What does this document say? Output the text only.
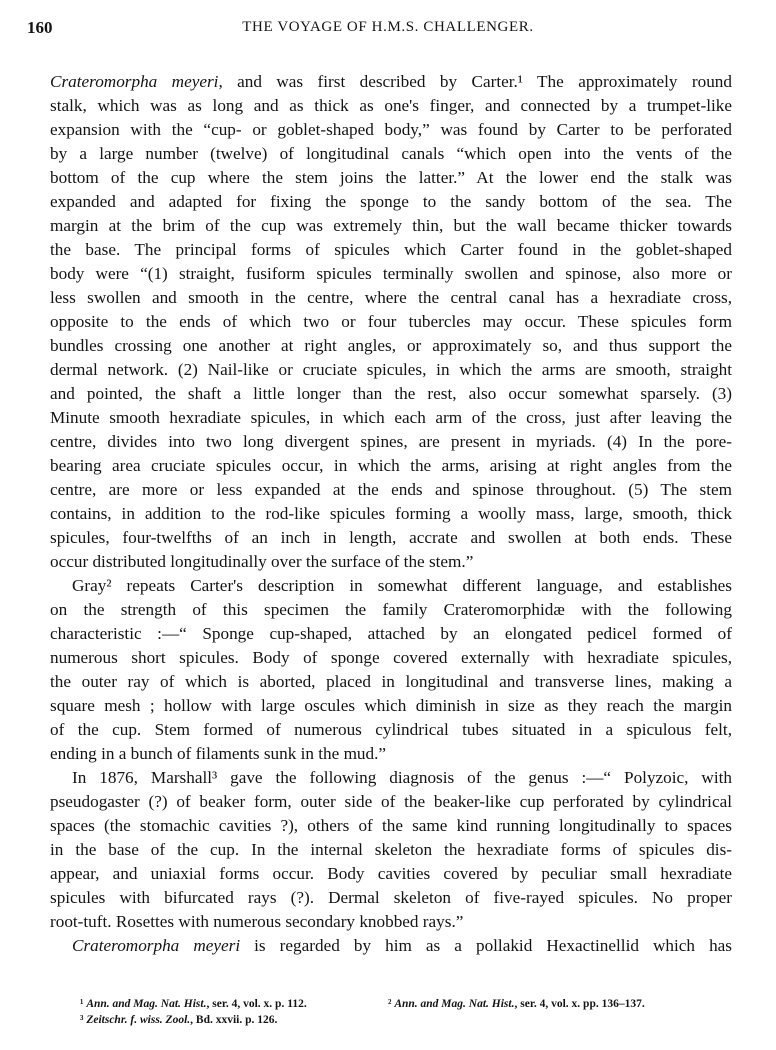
160	THE VOYAGE OF H.M.S. CHALLENGER.
Crateromorpha meyeri, and was first described by Carter.¹ The approximately round
stalk, which was as long and as thick as one's finger, and connected by a trumpet-like
expansion with the “cup- or goblet-shaped body,” was found by Carter to be perforated
by a large number (twelve) of longitudinal canals “which open into the vents of the
bottom of the cup where the stem joins the latter.” At the lower end the stalk was
expanded and adapted for fixing the sponge to the sandy bottom of the sea. The
margin at the brim of the cup was extremely thin, but the wall became thicker towards
the base. The principal forms of spicules which Carter found in the goblet-shaped
body were “(1) straight, fusiform spicules terminally swollen and spinose, also more or
less swollen and smooth in the centre, where the central canal has a hexradiate cross,
opposite to the ends of which two or four tubercles may occur. These spicules form
bundles crossing one another at right angles, or approximately so, and thus support the
dermal network. (2) Nail-like or cruciate spicules, in which the arms are smooth, straight
and pointed, the shaft a little longer than the rest, also occur somewhat sparsely. (3)
Minute smooth hexradiate spicules, in which each arm of the cross, just after leaving the
centre, divides into two long divergent spines, are present in myriads. (4) In the pore-
bearing area cruciate spicules occur, in which the arms, arising at right angles from the
centre, are more or less expanded at the ends and spinose throughout. (5) The stem
contains, in addition to the rod-like spicules forming a woolly mass, large, smooth, thick
spicules, four-twelfths of an inch in length, accrate and swollen at both ends. These
occur distributed longitudinally over the surface of the stem.”
Gray² repeats Carter's description in somewhat different language, and establishes
on the strength of this specimen the family Crateromorphidæ with the following
characteristic :—“ Sponge cup-shaped, attached by an elongated pedicel formed of
numerous short spicules. Body of sponge covered externally with hexradiate spicules,
the outer ray of which is aborted, placed in longitudinal and transverse lines, making a
square mesh ; hollow with large oscules which diminish in size as they reach the margin
of the cup. Stem formed of numerous cylindrical tubes situated in a spiculous felt,
ending in a bunch of filaments sunk in the mud.”
In 1876, Marshall³ gave the following diagnosis of the genus :—“ Polyzoic, with
pseudogaster (?) of beaker form, outer side of the beaker-like cup perforated by cylindrical
spaces (the stomachic cavities ?), others of the same kind running longitudinally to spaces
in the base of the cup. In the internal skeleton the hexradiate forms of spicules dis-
appear, and uniaxial forms occur. Body cavities covered by peculiar small hexradiate
spicules with bifurcated rays (?). Dermal skeleton of five-rayed spicules. No proper
root-tuft. Rosettes with numerous secondary knobbed rays.”
Crateromorpha meyeri is regarded by him as a pollakid Hexactinellid which has
¹ Ann. and Mag. Nat. Hist., ser. 4, vol. x. p. 112.	² Ann. and Mag. Nat. Hist., ser. 4, vol. x. pp. 136–137.
³ Zeitschr. f. wiss. Zool., Bd. xxvii. p. 126.
